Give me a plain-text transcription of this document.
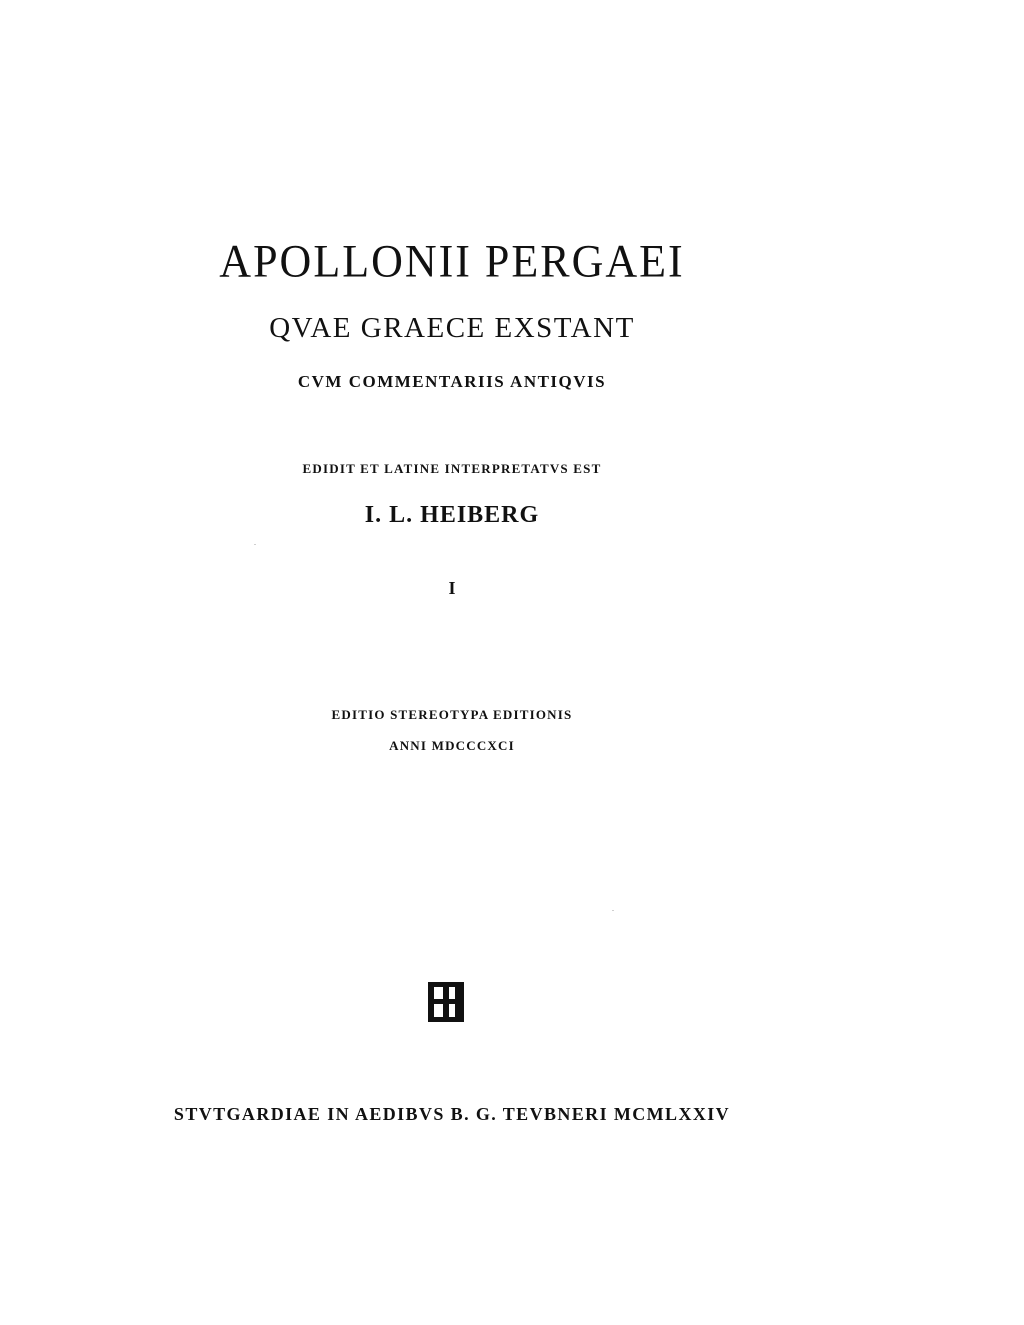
APOLLONII PERGAEI
QVAE GRAECE EXSTANT
CVM COMMENTARIIS ANTIQVIS
EDIDIT ET LATINE INTERPRETATVS EST
I. L. HEIBERG
I
EDITIO STEREOTYPA EDITIONIS
ANNI MDCCCXCI
STVTGARDIAE IN AEDIBVS B. G. TEVBNERI MCMLXXIV
